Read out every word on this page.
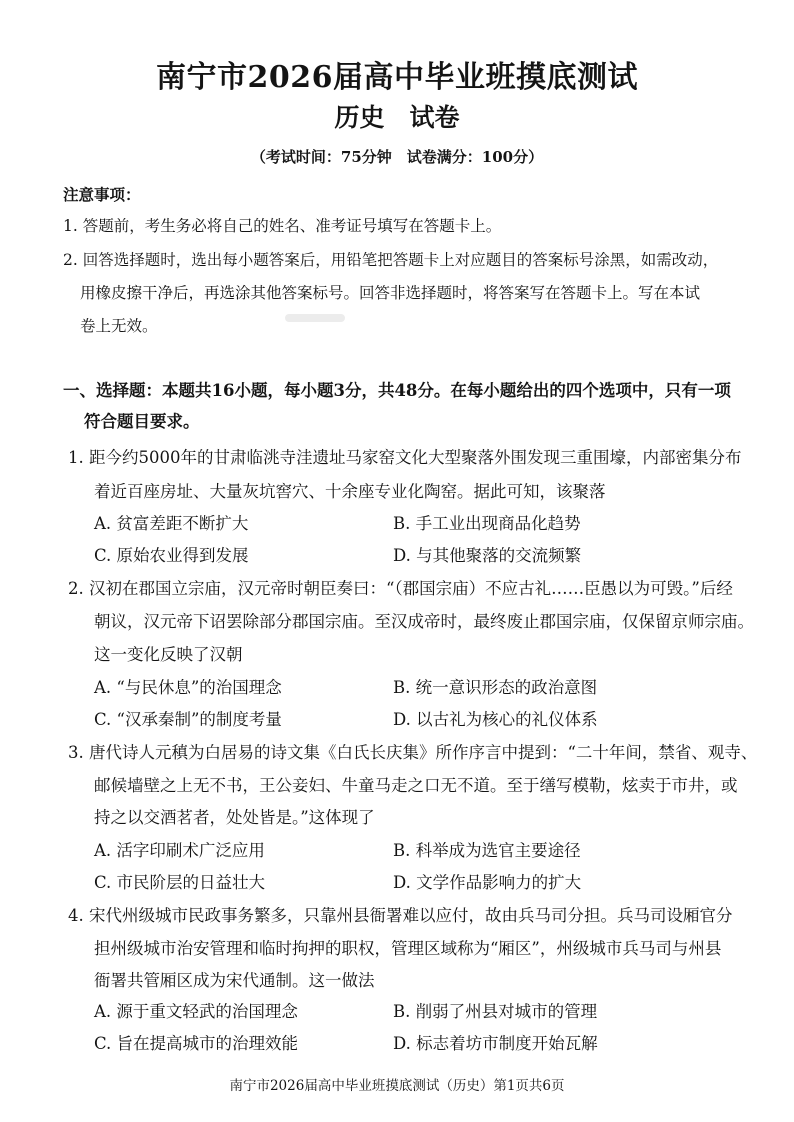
南宁市2026届高中毕业班摸底测试
历史　试卷
（考试时间：75分钟　试卷满分：100分）
注意事项：
1. 答题前，考生务必将自己的姓名、准考证号填写在答题卡上。
2. 回答选择题时，选出每小题答案后，用铅笔把答题卡上对应题目的答案标号涂黑，如需改动，
用橡皮擦干净后，再选涂其他答案标号。回答非选择题时，将答案写在答题卡上。写在本试
卷上无效。
一、选择题：本题共16小题，每小题3分，共48分。在每小题给出的四个选项中，只有一项
符合题目要求。
1. 距今约5000年的甘肃临洮寺洼遗址马家窑文化大型聚落外围发现三重围壕，内部密集分布
着近百座房址、大量灰坑窖穴、十余座专业化陶窑。据此可知，该聚落
A. 贫富差距不断扩大	B. 手工业出现商品化趋势
C. 原始农业得到发展	D. 与其他聚落的交流频繁
2. 汉初在郡国立宗庙，汉元帝时朝臣奏曰：“（郡国宗庙）不应古礼……臣愚以为可毁。”后经
朝议，汉元帝下诏罢除部分郡国宗庙。至汉成帝时，最终废止郡国宗庙，仅保留京师宗庙。
这一变化反映了汉朝
A. “与民休息”的治国理念	B. 统一意识形态的政治意图
C. “汉承秦制”的制度考量	D. 以古礼为核心的礼仪体系
3. 唐代诗人元稹为白居易的诗文集《白氏长庆集》所作序言中提到：“二十年间，禁省、观寺、
邮候墙壁之上无不书，王公妾妇、牛童马走之口无不道。至于缮写模勒，炫卖于市井，或
持之以交酒茗者，处处皆是。”这体现了
A. 活字印刷术广泛应用	B. 科举成为选官主要途径
C. 市民阶层的日益壮大	D. 文学作品影响力的扩大
4. 宋代州级城市民政事务繁多，只靠州县衙署难以应付，故由兵马司分担。兵马司设厢官分
担州级城市治安管理和临时拘押的职权，管理区域称为“厢区”，州级城市兵马司与州县
衙署共管厢区成为宋代通制。这一做法
A. 源于重文轻武的治国理念	B. 削弱了州县对城市的管理
C. 旨在提高城市的治理效能	D. 标志着坊市制度开始瓦解
南宁市2026届高中毕业班摸底测试（历史）第1页共6页
